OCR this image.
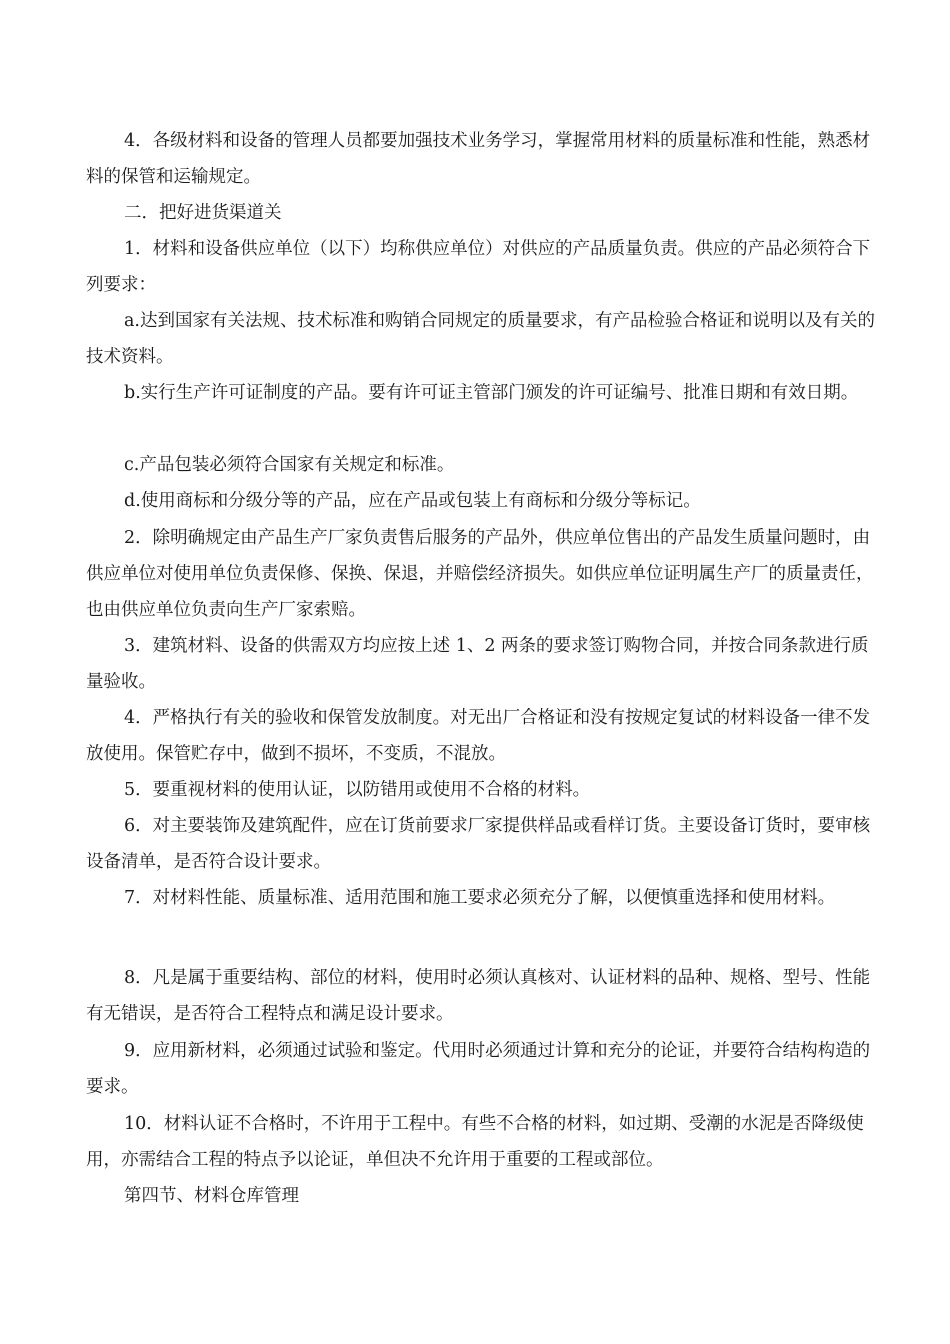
4．各级材料和设备的管理人员都要加强技术业务学习，掌握常用材料的质量标准和性能，熟悉材料的保管和运输规定。

二．把好进货渠道关

1．材料和设备供应单位（以下）均称供应单位）对供应的产品质量负责。供应的产品必须符合下列要求：

a.达到国家有关法规、技术标准和购销合同规定的质量要求，有产品检验合格证和说明以及有关的技术资料。

b.实行生产许可证制度的产品。要有许可证主管部门颁发的许可证编号、批准日期和有效日期。

c.产品包装必须符合国家有关规定和标准。

d.使用商标和分级分等的产品，应在产品或包装上有商标和分级分等标记。

2．除明确规定由产品生产厂家负责售后服务的产品外，供应单位售出的产品发生质量问题时，由供应单位对使用单位负责保修、保换、保退，并赔偿经济损失。如供应单位证明属生产厂的质量责任，也由供应单位负责向生产厂家索赔。

3．建筑材料、设备的供需双方均应按上述 1、2 两条的要求签订购物合同，并按合同条款进行质量验收。

4．严格执行有关的验收和保管发放制度。对无出厂合格证和没有按规定复试的材料设备一律不发放使用。保管贮存中，做到不损坏，不变质，不混放。

5．要重视材料的使用认证，以防错用或使用不合格的材料。

6．对主要装饰及建筑配件，应在订货前要求厂家提供样品或看样订货。主要设备订货时，要审核设备清单，是否符合设计要求。

7．对材料性能、质量标准、适用范围和施工要求必须充分了解，以便慎重选择和使用材料。

8．凡是属于重要结构、部位的材料，使用时必须认真核对、认证材料的品种、规格、型号、性能有无错误，是否符合工程特点和满足设计要求。

9．应用新材料，必须通过试验和鉴定。代用时必须通过计算和充分的论证，并要符合结构构造的要求。

10．材料认证不合格时，不许用于工程中。有些不合格的材料，如过期、受潮的水泥是否降级使用，亦需结合工程的特点予以论证，单但决不允许用于重要的工程或部位。

第四节、材料仓库管理
